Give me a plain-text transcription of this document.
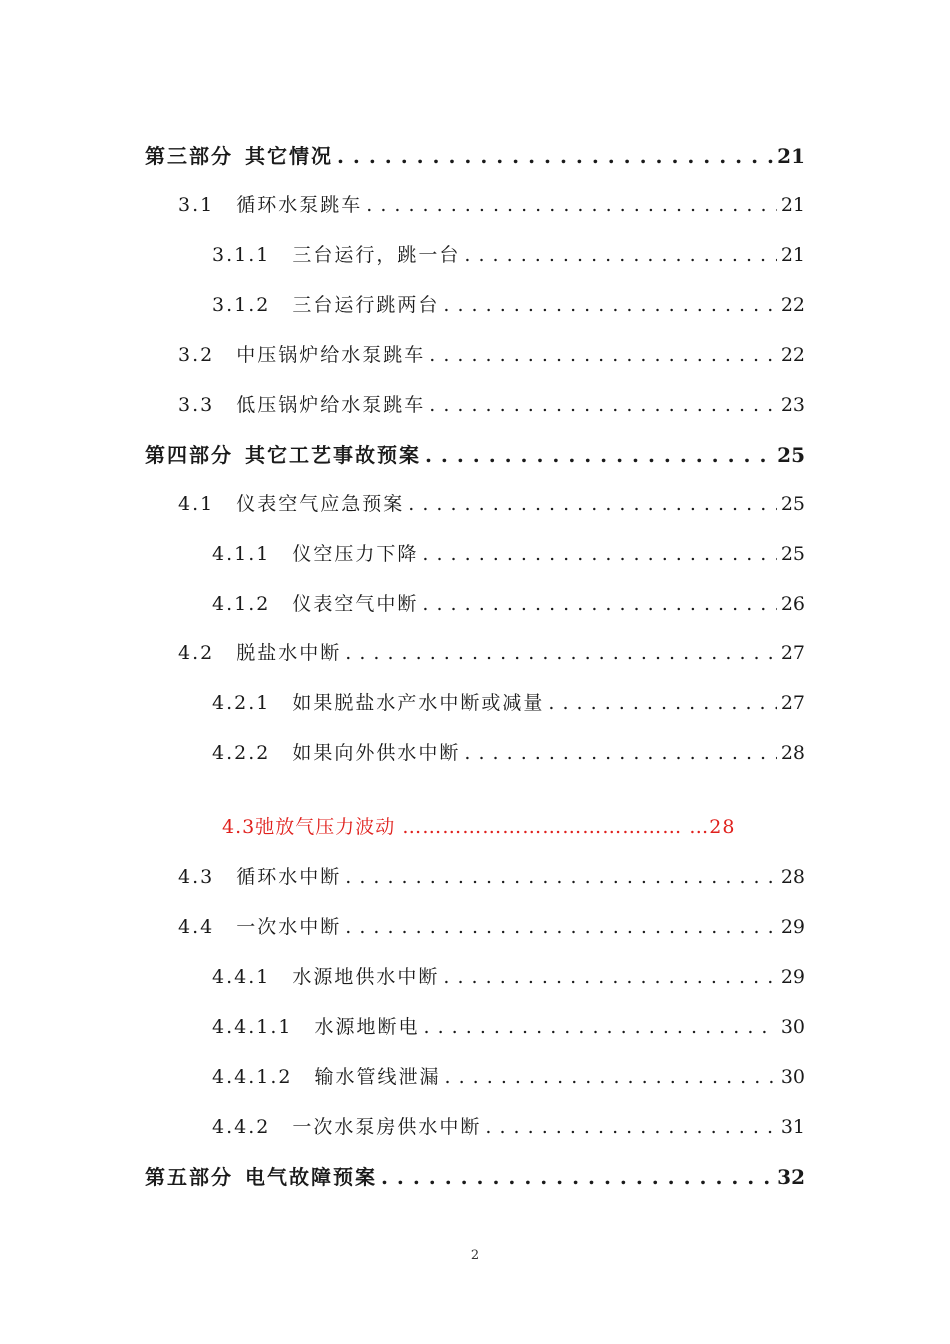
第三部分 其它情况 . . .	21
3.1 循环水泵跳车 . . .	21
3.1.1 三台运行，跳一台 . . .	21
3.1.2 三台运行跳两台 . . .	22
3.2 中压锅炉给水泵跳车 . . .	22
3.3 低压锅炉给水泵跳车 . . .	23
第四部分 其它工艺事故预案 . . .	25
4.1 仪表空气应急预案 . . .	25
4.1.1 仪空压力下降 . . .	25
4.1.2 仪表空气中断 . . .	26
4.2 脱盐水中断 . . .	27
4.2.1 如果脱盐水产水中断或减量 . . .	27
4.2.2 如果向外供水中断 . . .	28
4.3 循环水中断 . . .	28
4.4 一次水中断 . . .	29
4.4.1 水源地供水中断 . . .	29
4.4.1.1 水源地断电 . . .	30
4.4.1.2 输水管线泄漏 . . .	30
4.4.2 一次水泵房供水中断 . . .	31
第五部分 电气故障预案 . . .	32
4.3弛放气压力波动 …………………………………… …28
2
